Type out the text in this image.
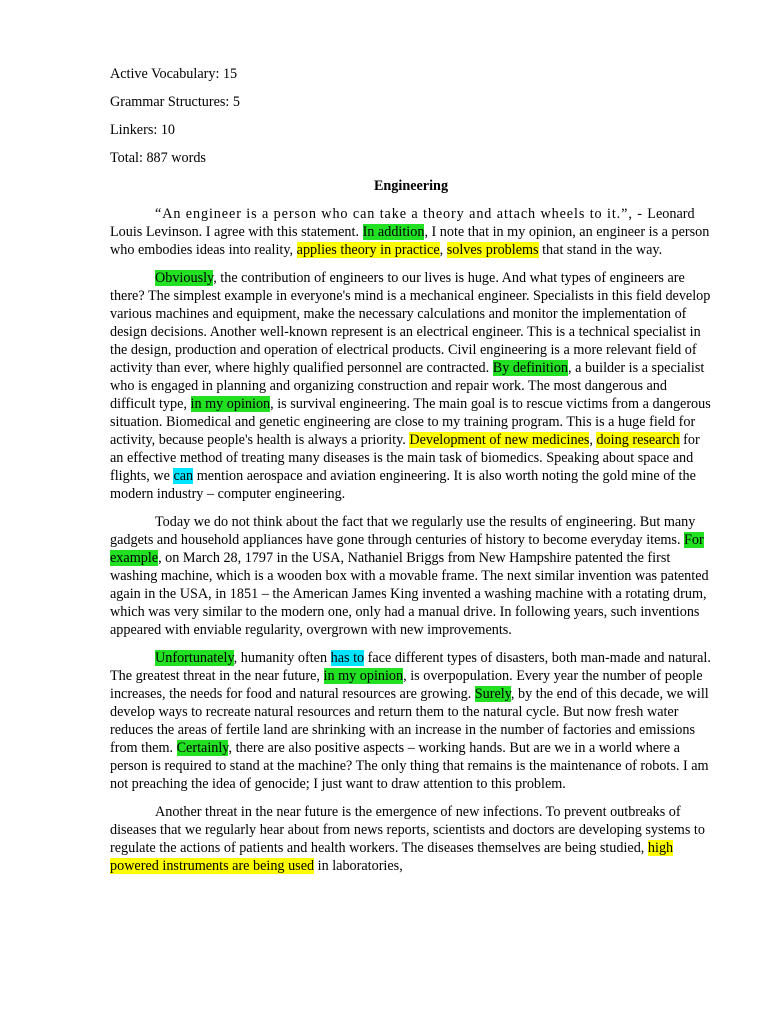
Active Vocabulary: 15
Grammar Structures: 5
Linkers: 10
Total: 887 words
Engineering

“An engineer is a person who can take a theory and attach wheels to it.”, - Leonard Louis Levinson. I agree with this statement. In addition, I note that in my opinion, an engineer is a person who embodies ideas into reality, applies theory in practice, solves problems that stand in the way.

Obviously, the contribution of engineers to our lives is huge. And what types of engineers are there? The simplest example in everyone's mind is a mechanical engineer. Specialists in this field develop various machines and equipment, make the necessary calculations and monitor the implementation of design decisions. Another well-known represent is an electrical engineer. This is a technical specialist in the design, production and operation of electrical products. Civil engineering is a more relevant field of activity than ever, where highly qualified personnel are contracted. By definition, a builder is a specialist who is engaged in planning and organizing construction and repair work. The most dangerous and difficult type, in my opinion, is survival engineering. The main goal is to rescue victims from a dangerous situation. Biomedical and genetic engineering are close to my training program. This is a huge field for activity, because people's health is always a priority. Development of new medicines, doing research for an effective method of treating many diseases is the main task of biomedics. Speaking about space and flights, we can mention aerospace and aviation engineering. It is also worth noting the gold mine of the modern industry – computer engineering.

Today we do not think about the fact that we regularly use the results of engineering. But many gadgets and household appliances have gone through centuries of history to become everyday items. For example, on March 28, 1797 in the USA, Nathaniel Briggs from New Hampshire patented the first washing machine, which is a wooden box with a movable frame. The next similar invention was patented again in the USA, in 1851 – the American James King invented a washing machine with a rotating drum, which was very similar to the modern one, only had a manual drive. In following years, such inventions appeared with enviable regularity, overgrown with new improvements.

Unfortunately, humanity often has to face different types of disasters, both man-made and natural. The greatest threat in the near future, in my opinion, is overpopulation. Every year the number of people increases, the needs for food and natural resources are growing. Surely, by the end of this decade, we will develop ways to recreate natural resources and return them to the natural cycle. But now fresh water reduces the areas of fertile land are shrinking with an increase in the number of factories and emissions from them. Certainly, there are also positive aspects – working hands. But are we in a world where a person is required to stand at the machine? The only thing that remains is the maintenance of robots. I am not preaching the idea of genocide; I just want to draw attention to this problem.

Another threat in the near future is the emergence of new infections. To prevent outbreaks of diseases that we regularly hear about from news reports, scientists and doctors are developing systems to regulate the actions of patients and health workers. The diseases themselves are being studied, high powered instruments are being used in laboratories,
